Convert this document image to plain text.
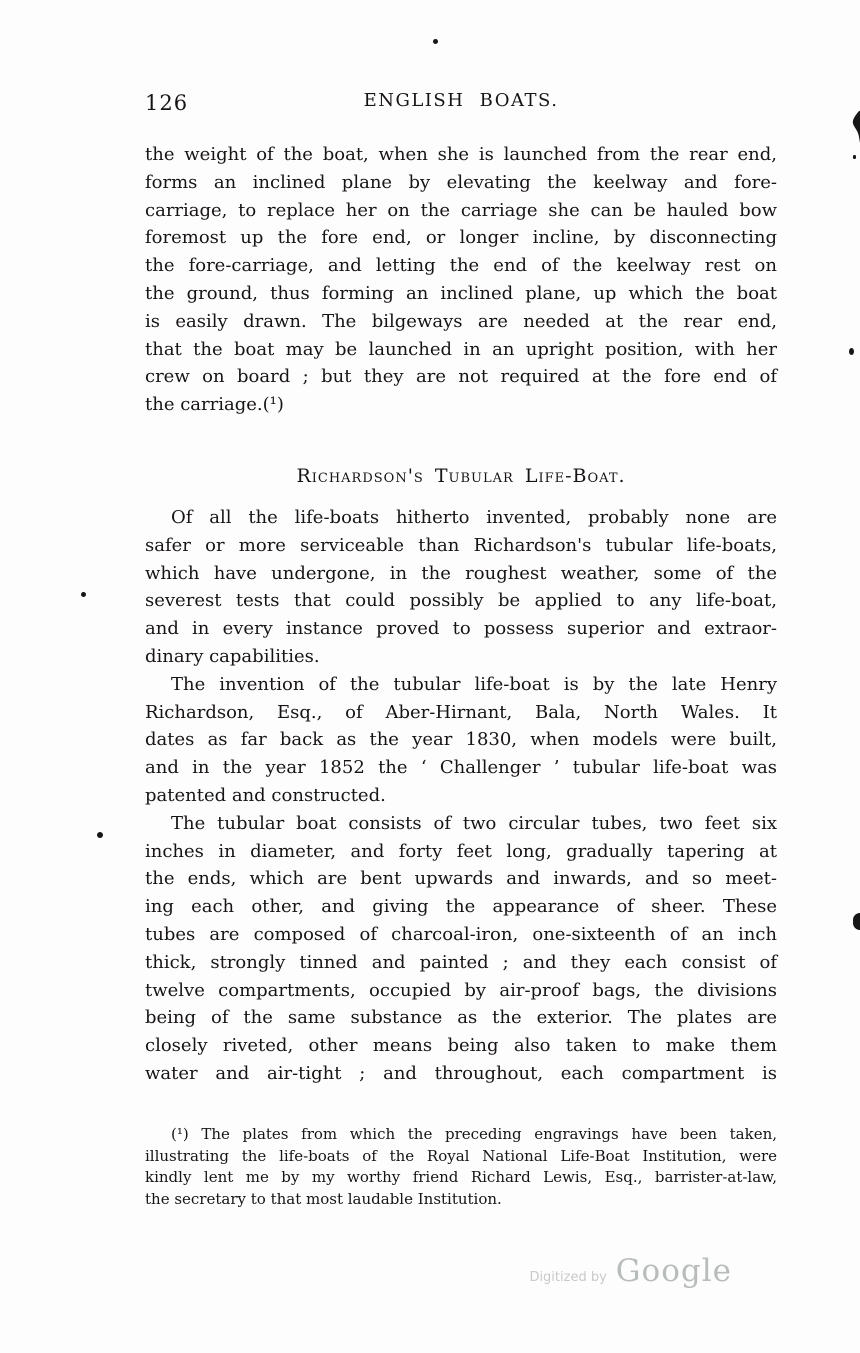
126	ENGLISH BOATS.
the weight of the boat, when she is launched from the rear end,
forms an inclined plane by elevating the keelway and fore-
carriage, to replace her on the carriage she can be hauled bow
foremost up the fore end, or longer incline, by disconnecting
the fore-carriage, and letting the end of the keelway rest on
the ground, thus forming an inclined plane, up which the boat
is easily drawn. The bilgeways are needed at the rear end,
that the boat may be launched in an upright position, with her
crew on board ; but they are not required at the fore end of
the carriage.(¹)
Richardson's Tubular Life-Boat.
Of all the life-boats hitherto invented, probably none are
safer or more serviceable than Richardson's tubular life-boats,
which have undergone, in the roughest weather, some of the
severest tests that could possibly be applied to any life-boat,
and in every instance proved to possess superior and extraor-
dinary capabilities.
The invention of the tubular life-boat is by the late Henry
Richardson, Esq., of Aber-Hirnant, Bala, North Wales. It
dates as far back as the year 1830, when models were built,
and in the year 1852 the ‘ Challenger ’ tubular life-boat was
patented and constructed.
The tubular boat consists of two circular tubes, two feet six
inches in diameter, and forty feet long, gradually tapering at
the ends, which are bent upwards and inwards, and so meet-
ing each other, and giving the appearance of sheer. These
tubes are composed of charcoal-iron, one-sixteenth of an inch
thick, strongly tinned and painted ; and they each consist of
twelve compartments, occupied by air-proof bags, the divisions
being of the same substance as the exterior. The plates are
closely riveted, other means being also taken to make them
water and air-tight ; and throughout, each compartment is
(¹) The plates from which the preceding engravings have been taken,
illustrating the life-boats of the Royal National Life-Boat Institution, were
kindly lent me by my worthy friend Richard Lewis, Esq., barrister-at-law,
the secretary to that most laudable Institution.
Digitized by Google
